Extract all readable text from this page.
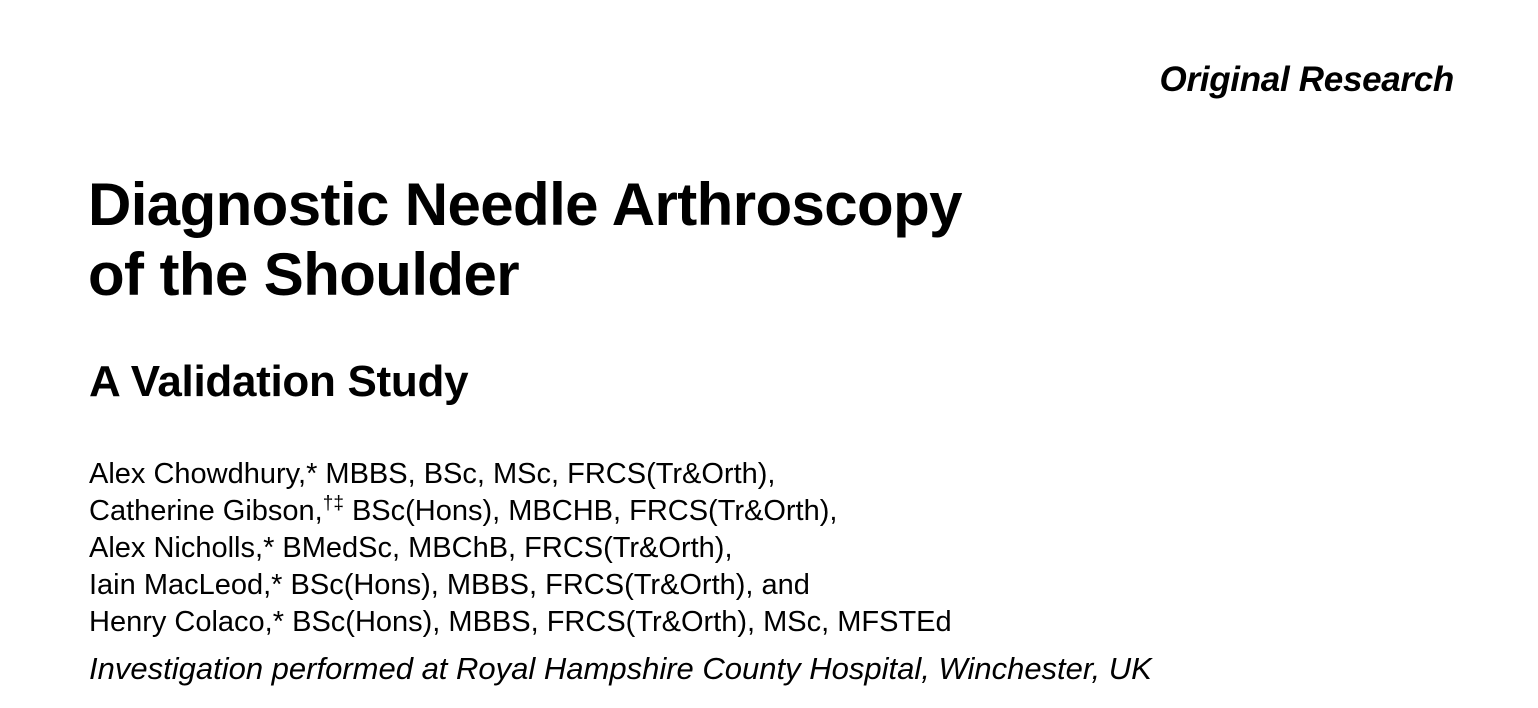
Original Research
Diagnostic Needle Arthroscopy
of the Shoulder
A Validation Study
Alex Chowdhury,* MBBS, BSc, MSc, FRCS(Tr&Orth),
Catherine Gibson,†‡ BSc(Hons), MBCHB, FRCS(Tr&Orth),
Alex Nicholls,* BMedSc, MBChB, FRCS(Tr&Orth),
Iain MacLeod,* BSc(Hons), MBBS, FRCS(Tr&Orth), and
Henry Colaco,* BSc(Hons), MBBS, FRCS(Tr&Orth), MSc, MFSTEd
Investigation performed at Royal Hampshire County Hospital, Winchester, UK
